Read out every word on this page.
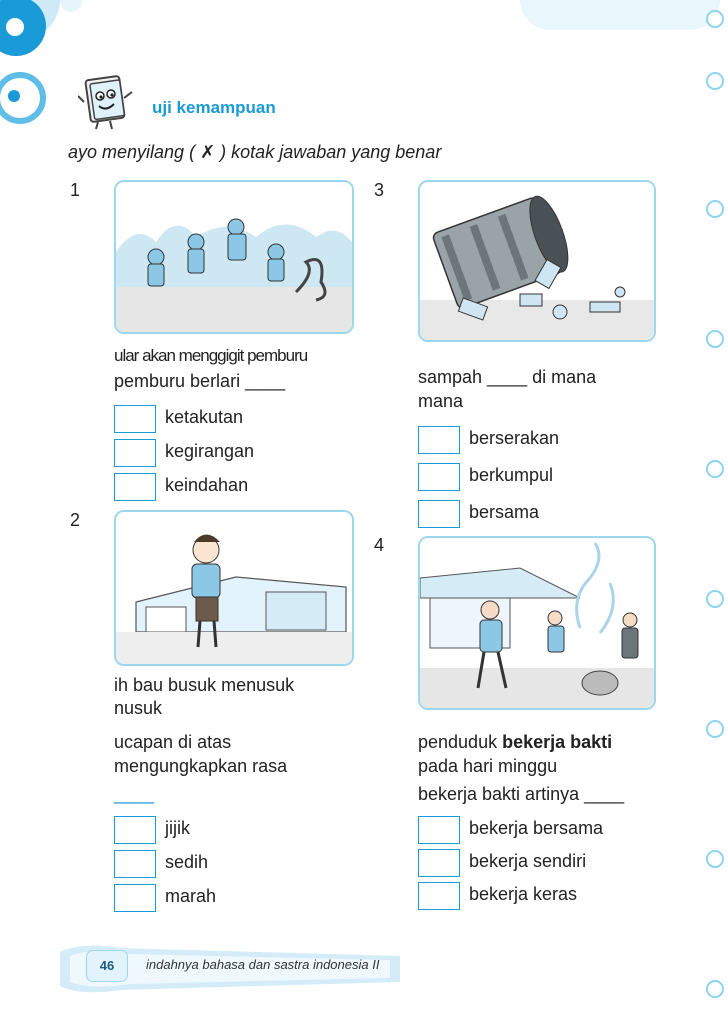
uji kemampuan
ayo menyilang ( ✗ ) kotak jawaban yang benar
1
ular akan menggigit pemburu
pemburu berlari ____
ketakutan
kegirangan
keindahan
2
ih bau busuk menusuk
nusuk
ucapan di atas
mengungkapkan rasa
____
jijik
sedih
marah
3
sampah ____ di mana
mana
berserakan
berkumpul
bersama
4
penduduk bekerja bakti
pada hari minggu
bekerja bakti artinya ____
bekerja bersama
bekerja sendiri
bekerja keras
46	indahnya bahasa dan sastra indonesia II
